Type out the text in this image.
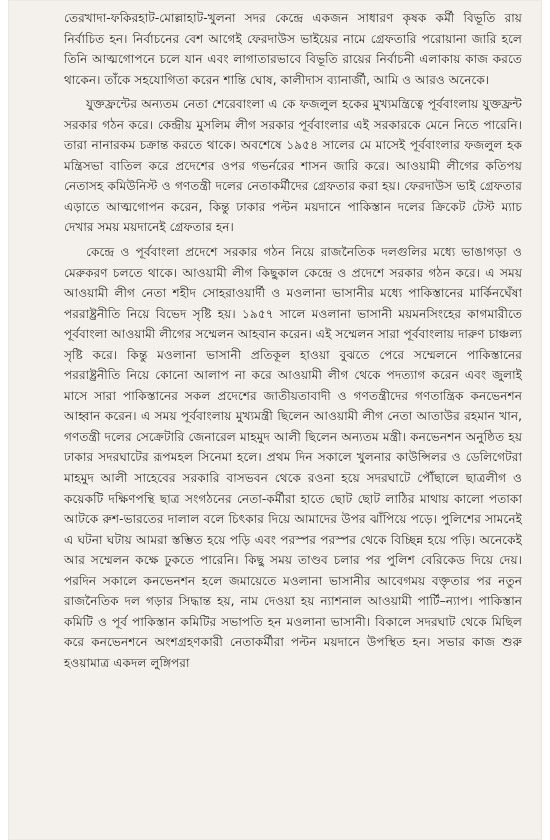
তেরখাদা-ফকিরহাট-মোল্লাহাট-খুলনা সদর কেন্দ্রে একজন সাধারণ কৃষক কর্মী বিভূতি রায় নির্বাচিত হন। নির্বাচনের বেশ আগেই ফেরদাউস ভাইয়ের নামে গ্রেফতারি পরোয়ানা জারি হলে তিনি আত্মগোপনে চলে যান এবং লাগাতারভাবে বিভূতি রায়ের নির্বাচনী এলাকায় কাজ করতে থাকেন। তাঁকে সহযোগিতা করেন শান্তি ঘোষ, কালীদাস ব্যানার্জী, আমি ও আরও অনেকে।

যুক্তফ্রন্টের অন্যতম নেতা শেরেবাংলা এ কে ফজলুল হকের মুখ্যমন্ত্রিত্বে পূর্ববাংলায় যুক্তফ্রন্ট সরকার গঠন করে। কেন্দ্রীয় মুসলিম লীগ সরকার পূর্ববাংলার এই সরকারকে মেনে নিতে পারেনি। তারা নানারকম চক্রান্ত করতে থাকে। অবশেষে ১৯৫৪ সালের মে মাসেই পূর্ববাংলার ফজলুল হক মন্ত্রিসভা বাতিল করে প্রদেশের ওপর গভর্নরের শাসন জারি করে। আওয়ামী লীগের কতিপয় নেতাসহ কমিউনিস্ট ও গণতন্ত্রী দলের নেতাকর্মীদের গ্রেফতার করা হয়। ফেরদাউস ভাই গ্রেফতার এড়াতে আত্মগোপন করেন, কিন্তু ঢাকার পল্টন ময়দানে পাকিস্তান দলের ক্রিকেট টেস্ট ম্যাচ দেখার সময় ময়দানেই গ্রেফতার হন।

কেন্দ্রে ও পূর্ববাংলা প্রদেশে সরকার গঠন নিয়ে রাজনৈতিক দলগুলির মধ্যে ভাঙাগড়া ও মেরুকরণ চলতে থাকে। আওয়ামী লীগ কিছুকাল কেন্দ্রে ও প্রদেশে সরকার গঠন করে। এ সময় আওয়ামী লীগ নেতা শহীদ সোহরাওয়ার্দী ও মওলানা ভাসানীর মধ্যে পাকিস্তানের মার্কিনঘেঁষা পররাষ্ট্রনীতি নিয়ে বিভেদ সৃষ্টি হয়। ১৯৫৭ সালে মওলানা ভাসানী ময়মনসিংহের কাগমারীতে পূর্ববাংলা আওয়ামী লীগের সম্মেলন আহবান করেন। এই সম্মেলন সারা পূর্ববাংলায় দারুণ চাঞ্চল্য সৃষ্টি করে। কিন্তু মওলানা ভাসানী প্রতিকূল হাওয়া বুঝতে পেরে সম্মেলনে পাকিস্তানের পররাষ্ট্রনীতি নিয়ে কোনো আলাপ না করে আওয়ামী লীগ থেকে পদত্যাগ করেন এবং জুলাই মাসে সারা পাকিস্তানের সকল প্রদেশের জাতীয়তাবাদী ও গণতন্ত্রীদের গণতান্ত্রিক কনভেনশন আহ্বান করেন। এ সময় পূর্ববাংলায় মুখ্যমন্ত্রী ছিলেন আওয়ামী লীগ নেতা আতাউর রহমান খান, গণতন্ত্রী দলের সেক্রেটারি জেনারেল মাহমুদ আলী ছিলেন অন্যতম মন্ত্রী। কনভেনশন অনুষ্ঠিত হয় ঢাকার সদরঘাটের রূপমহল সিনেমা হলে। প্রথম দিন সকালে খুলনার কাউন্সিলর ও ডেলিগেটরা মাহমুদ আলী সাহেবের সরকারি বাসভবন থেকে রওনা হয়ে সদরঘাটে পৌঁছালে ছাত্রলীগ ও কয়েকটি দক্ষিণপন্থি ছাত্র সংগঠনের নেতা-কর্মীরা হাতে ছোট ছোট লাঠির মাথায় কালো পতাকা আটকে রুশ-ভারতের দালাল বলে চিৎকার দিয়ে আমাদের উপর ঝাঁপিয়ে পড়ে। পুলিশের সামনেই এ ঘটনা ঘটায় আমরা স্তম্ভিত হয়ে পড়ি এবং পরস্পর পরস্পর থেকে বিচ্ছিন্ন হয়ে পড়ি। অনেকেই আর সম্মেলন কক্ষে ঢুকতে পারেনি। কিছু সময় তাণ্ডব চলার পর পুলিশ বেরিকেড দিয়ে দেয়। পরদিন সকালে কনভেনশন হলে জমায়েতে মওলানা ভাসানীর আবেগময় বক্তৃতার পর নতুন রাজনৈতিক দল গড়ার সিদ্ধান্ত হয়, নাম দেওয়া হয় ন্যাশনাল আওয়ামী পার্টি–ন্যাপ। পাকিস্তান কমিটি ও পূর্ব পাকিস্তান কমিটির সভাপতি হন মওলানা ভাসানী। বিকালে সদরঘাট থেকে মিছিল করে কনভেনশনে অংশগ্রহণকারী নেতাকর্মীরা পল্টন ময়দানে উপস্থিত হন। সভার কাজ শুরু হওয়ামাত্র একদল লুঙ্গিপরা
